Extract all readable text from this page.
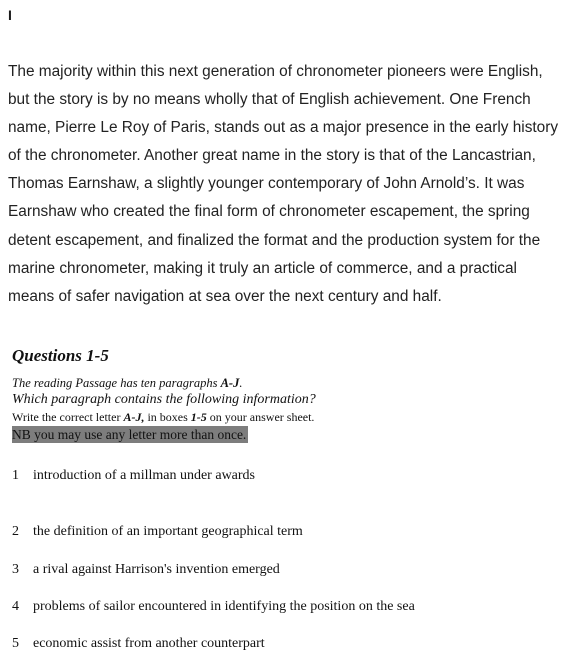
I
The majority within this next generation of chronometer pioneers were English,
but the story is by no means wholly that of English achievement. One French
name, Pierre Le Roy of Paris, stands out as a major presence in the early history
of the chronometer. Another great name in the story is that of the Lancastrian,
Thomas Earnshaw, a slightly younger contemporary of John Arnold’s. It was
Earnshaw who created the final form of chronometer escapement, the spring
detent escapement, and finalized the format and the production system for the
marine chronometer, making it truly an article of commerce, and a practical
means of safer navigation at sea over the next century and half.
Questions 1-5
The reading Passage has ten paragraphs A-J.
Which paragraph contains the following information?
Write the correct letter A-J, in boxes 1-5 on your answer sheet.
NB you may use any letter more than once.
1 introduction of a millman under awards
2 the definition of an important geographical term
3 a rival against Harrison's invention emerged
4 problems of sailor encountered in identifying the position on the sea
5 economic assist from another counterpart
